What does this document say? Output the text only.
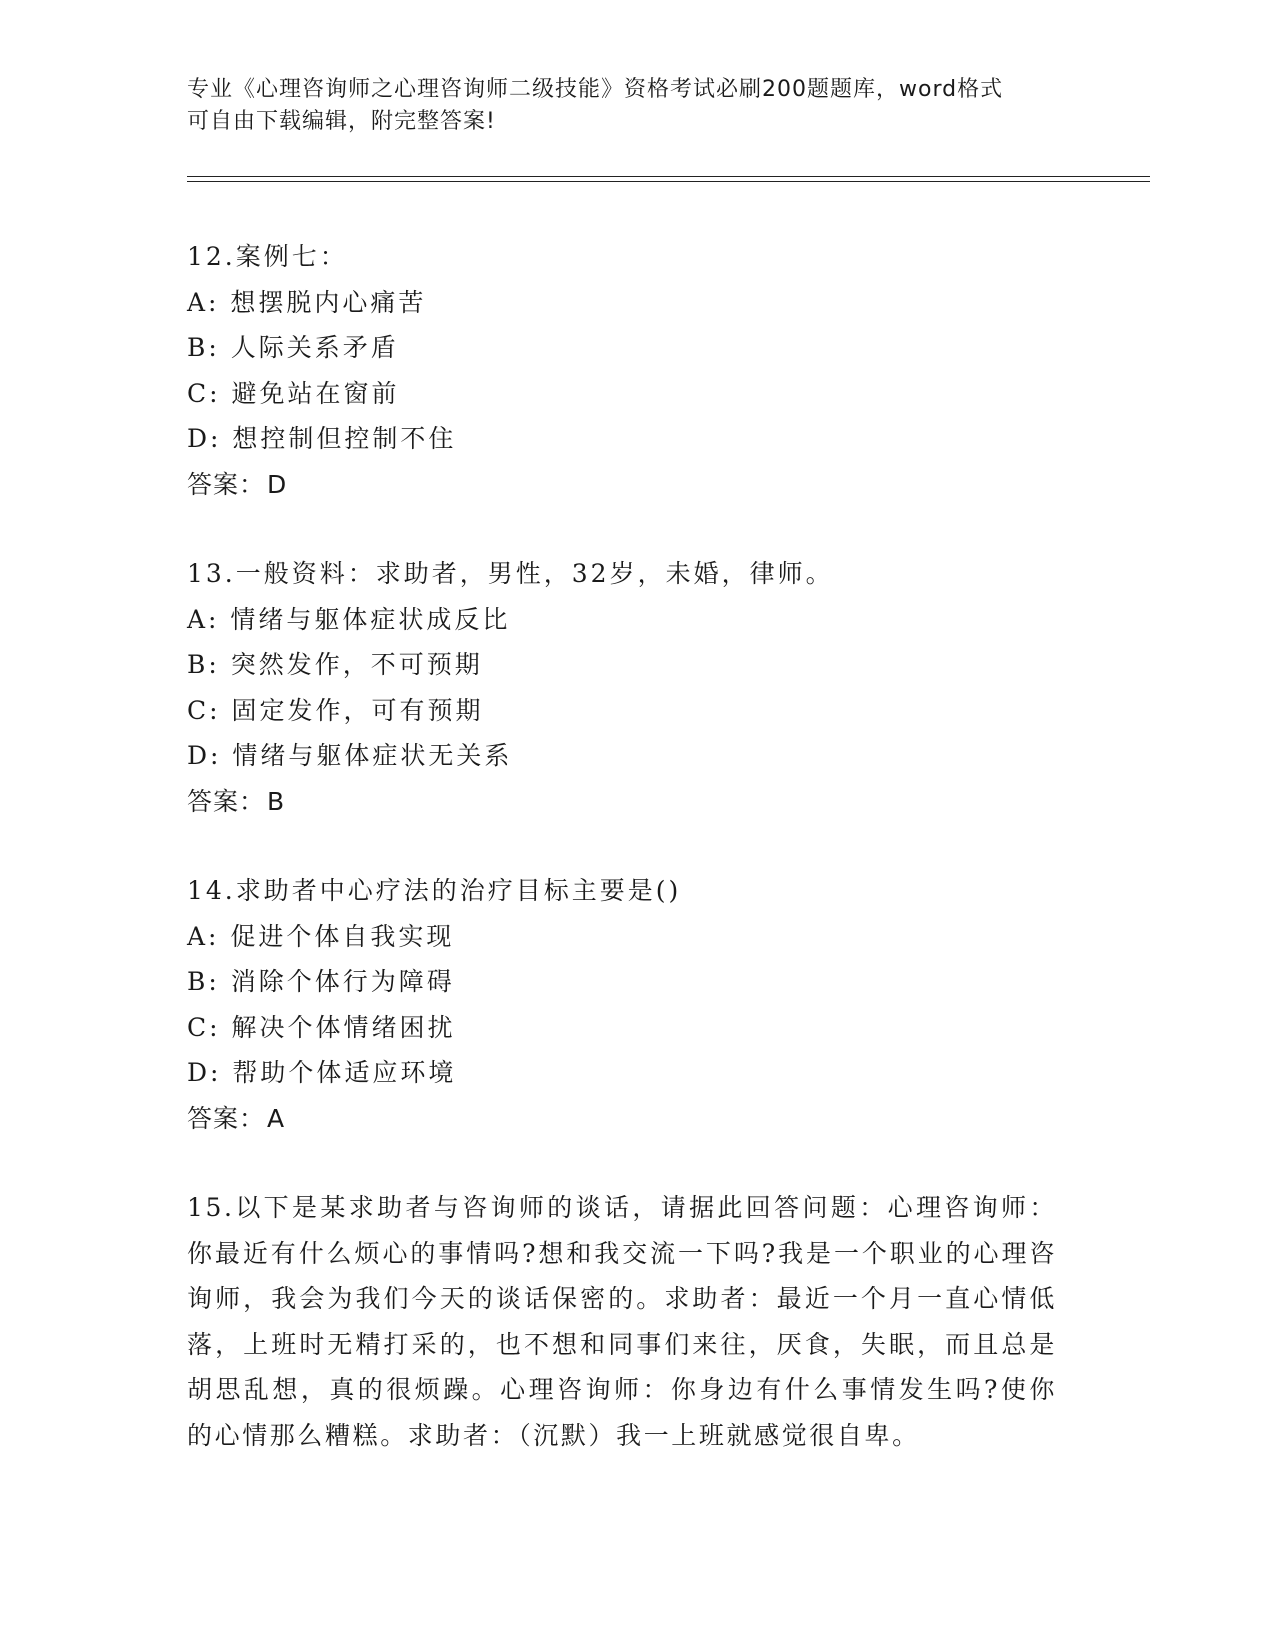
专业《心理咨询师之心理咨询师二级技能》资格考试必刷200题题库，word格式
可自由下载编辑，附完整答案!
12.案例七：
A: 想摆脱内心痛苦
B: 人际关系矛盾
C: 避免站在窗前
D: 想控制但控制不住
答案：D
13.一般资料：求助者，男性，32岁，未婚，律师。
A: 情绪与躯体症状成反比
B: 突然发作，不可预期
C: 固定发作，可有预期
D: 情绪与躯体症状无关系
答案：B
14.求助者中心疗法的治疗目标主要是()
A: 促进个体自我实现
B: 消除个体行为障碍
C: 解决个体情绪困扰
D: 帮助个体适应环境
答案：A
15.以下是某求助者与咨询师的谈话，请据此回答问题：心理咨询师：你最近有什么烦心的事情吗?想和我交流一下吗?我是一个职业的心理咨询师，我会为我们今天的谈话保密的。求助者：最近一个月一直心情低落，上班时无精打采的，也不想和同事们来往，厌食，失眠，而且总是胡思乱想，真的很烦躁。心理咨询师：你身边有什么事情发生吗?使你的心情那么糟糕。求助者：（沉默）我一上班就感觉很自卑。
